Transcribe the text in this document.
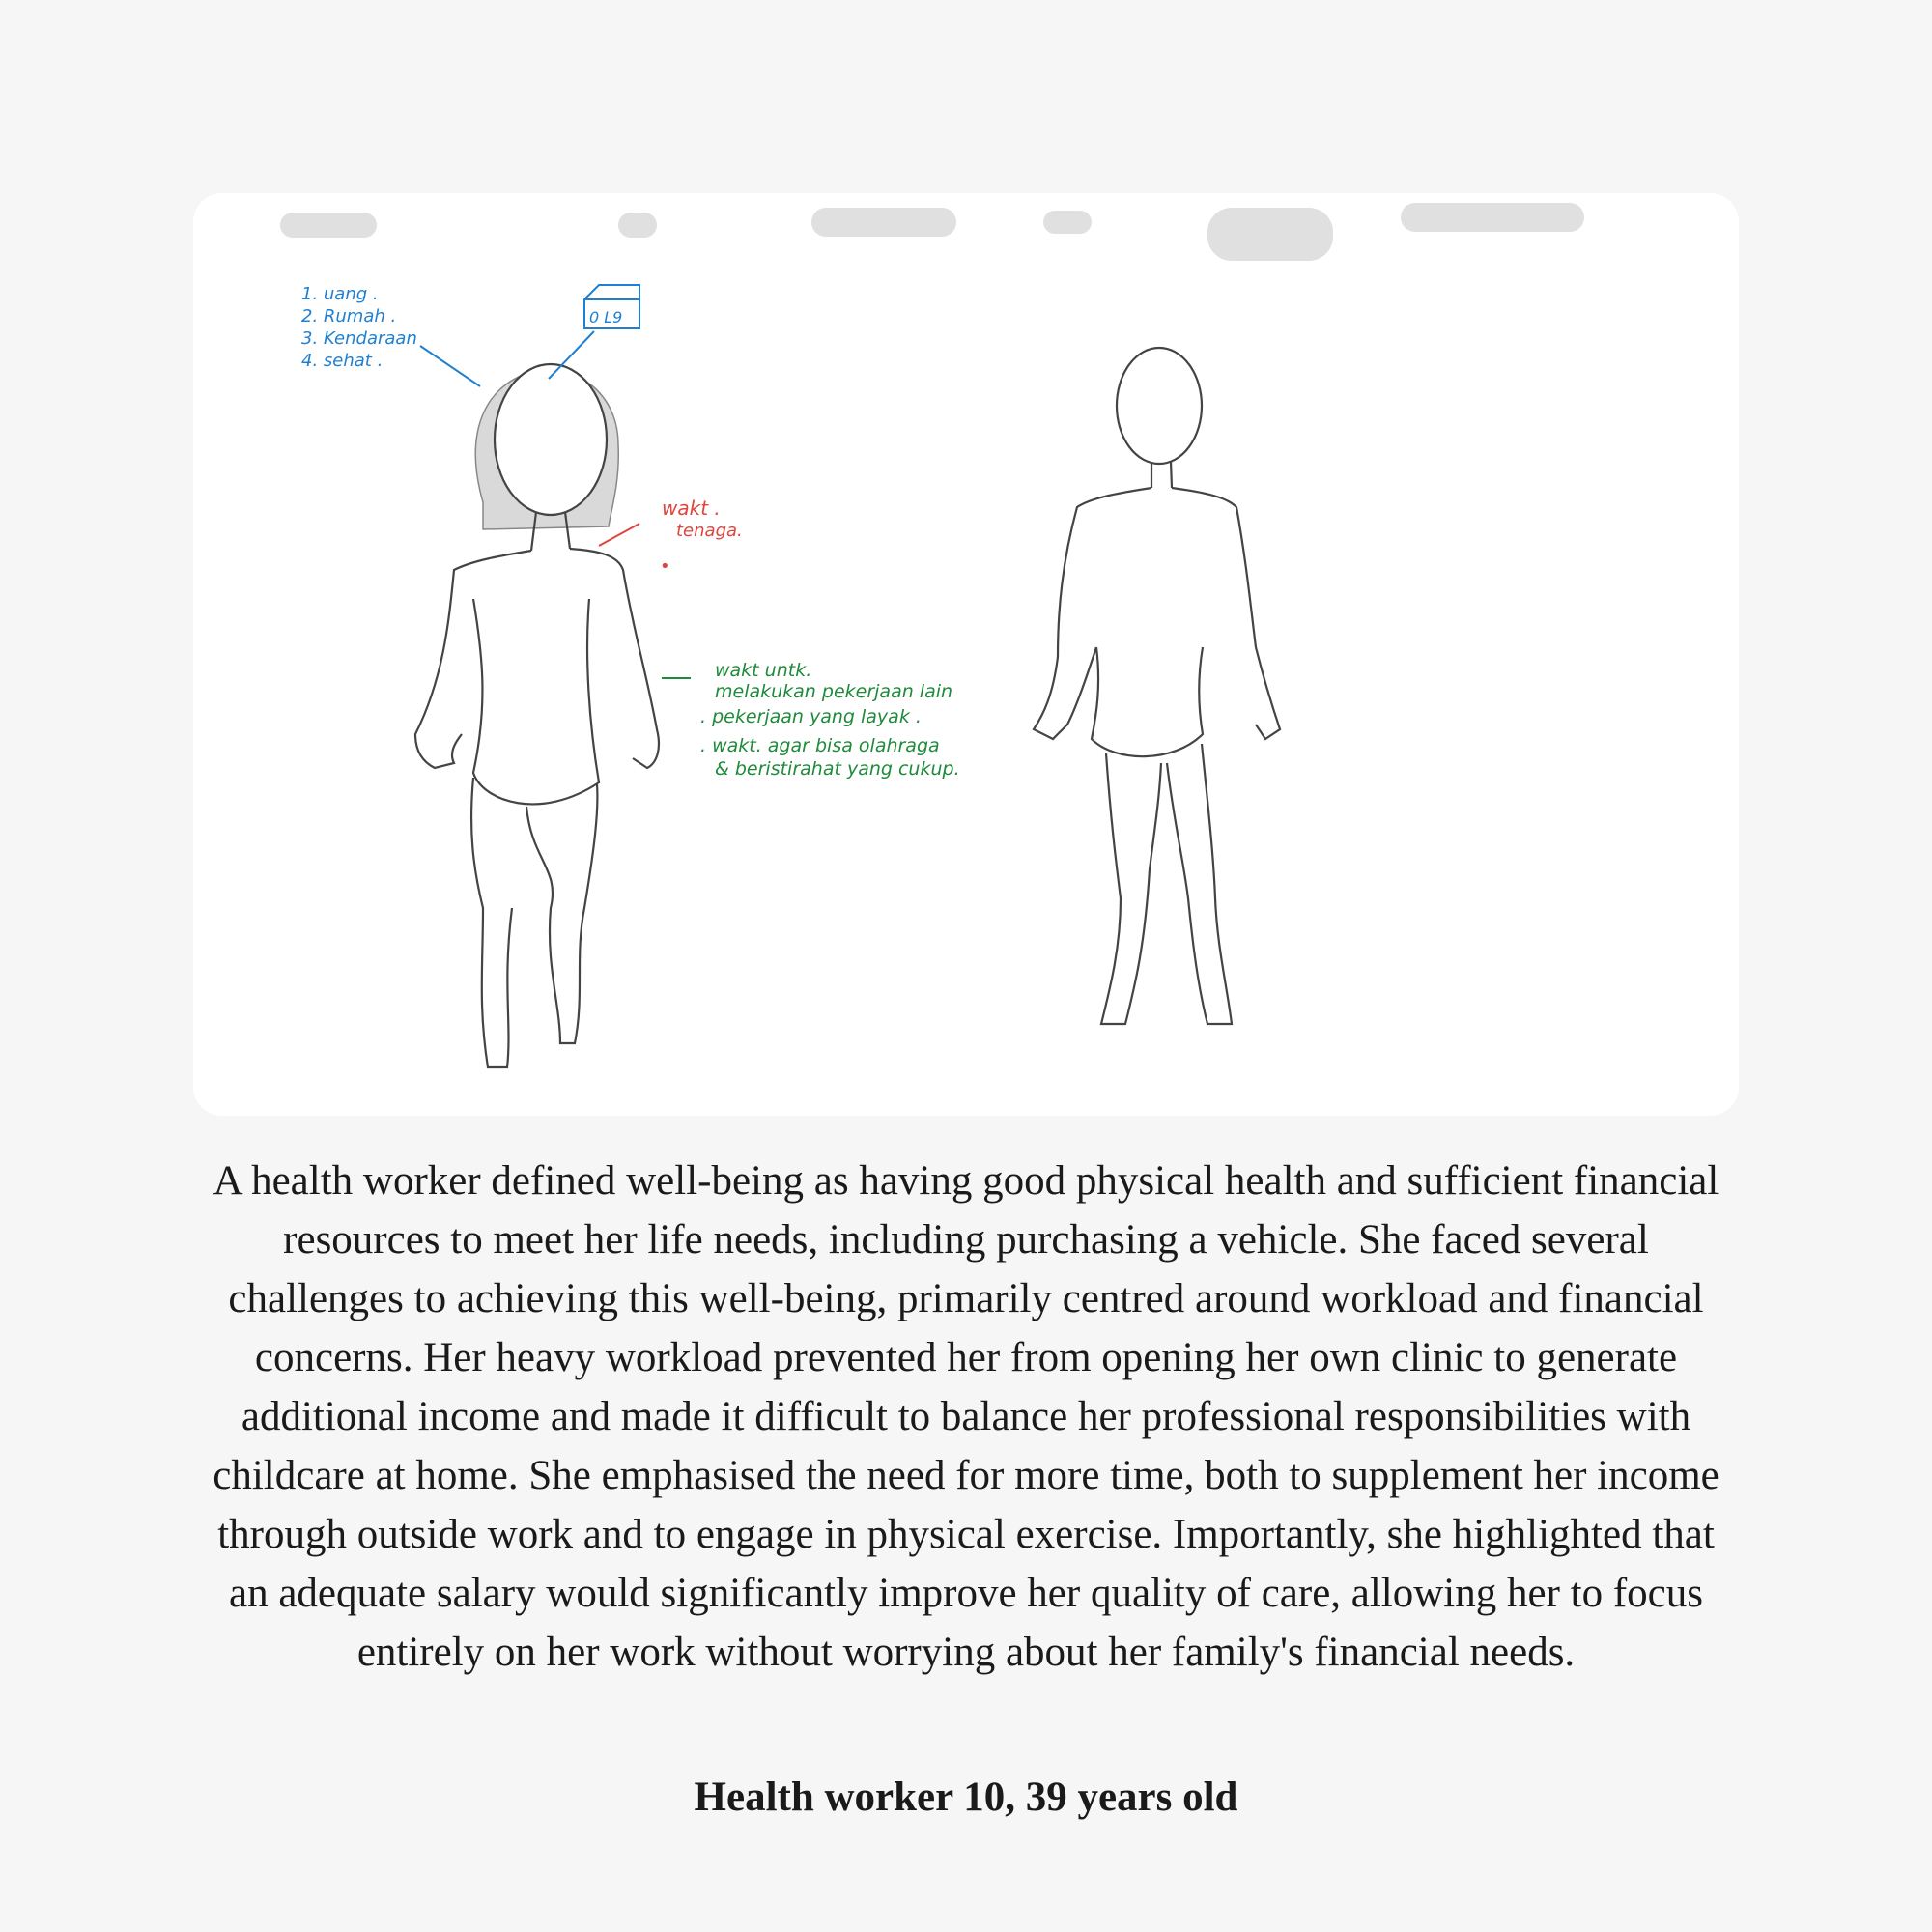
1. uang .
2. Rumah .
3. Kendaraan
4. sehat .
0 L9
wakt .
tenaga.
•
wakt untk.
melakukan pekerjaan lain
. pekerjaan yang layak .
. wakt. agar bisa olahraga
& beristirahat yang cukup.

A health worker defined well-being as having good physical health and sufficient financial resources to meet her life needs, including purchasing a vehicle. She faced several challenges to achieving this well-being, primarily centred around workload and financial concerns. Her heavy workload prevented her from opening her own clinic to generate additional income and made it difficult to balance her professional responsibilities with childcare at home. She emphasised the need for more time, both to supplement her income through outside work and to engage in physical exercise. Importantly, she highlighted that an adequate salary would significantly improve her quality of care, allowing her to focus entirely on her work without worrying about her family's financial needs.

Health worker 10, 39 years old
